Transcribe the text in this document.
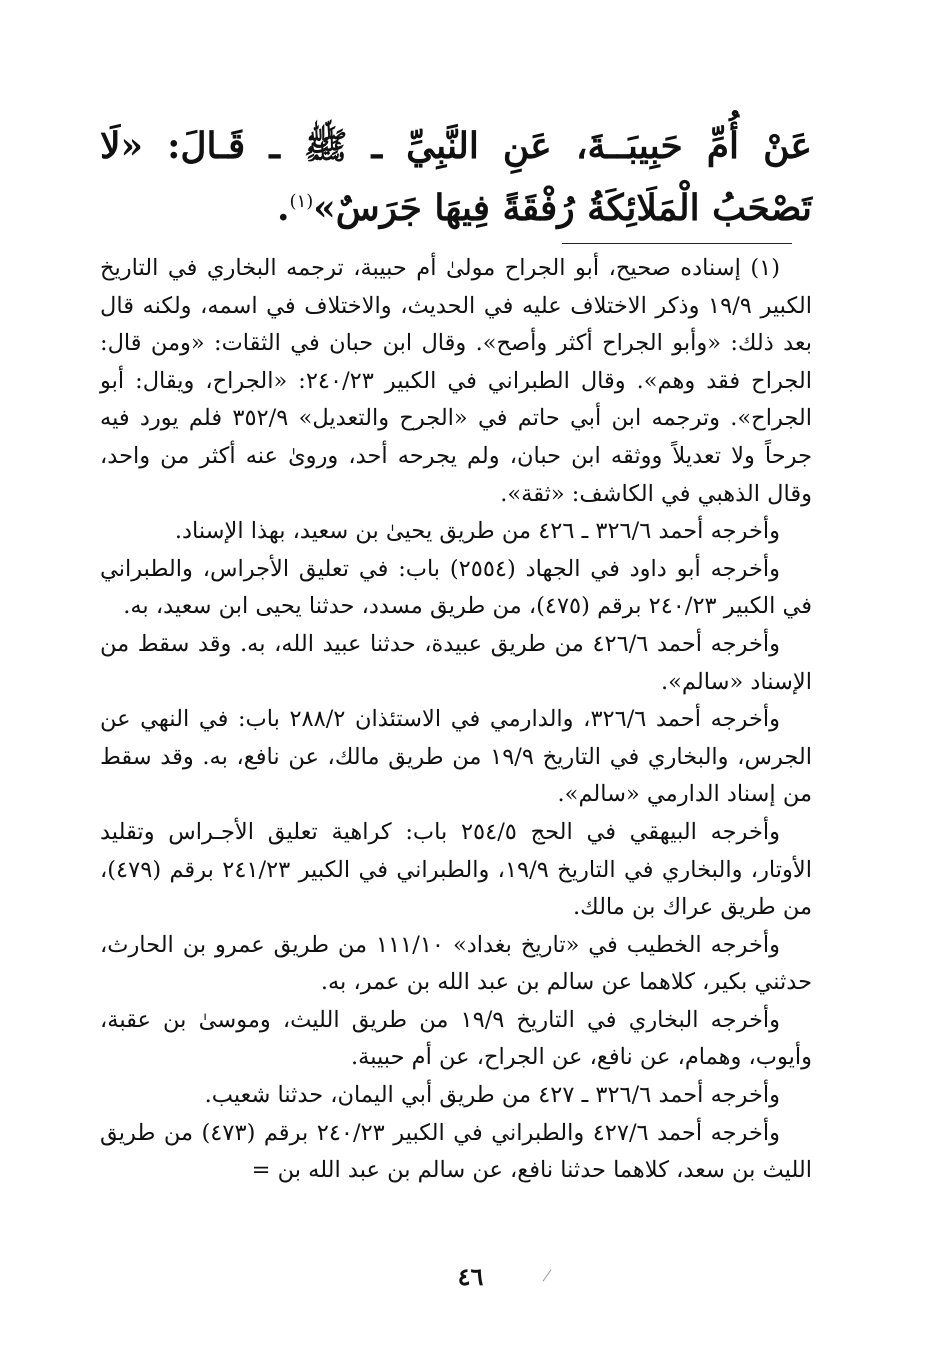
عَنْ أُمِّ حَبِيبَــةَ، عَنِ النَّبِيِّ ـ ﷺ ـ قَـالَ: «لَا تَصْحَبُ الْمَلَائِكَةُ رُفْقَةً فِيهَا جَرَسٌ»$^{(١)}$.

(١) إسناده صحيح، أبو الجراح مولىٰ أم حبيبة، ترجمه البخاري في التاريخ الكبير ١٩/٩ وذكر الاختلاف عليه في الحديث، والاختلاف في اسمه، ولكنه قال بعد ذلك: «وأبو الجراح أكثر وأصح». وقال ابن حبان في الثقات: «ومن قال: الجراح فقد وهم». وقال الطبراني في الكبير ٢٤٠/٢٣: «الجراح، ويقال: أبو الجراح». وترجمه ابن أبي حاتم في «الجرح والتعديل» ٣٥٢/٩ فلم يورد فيه جرحاً ولا تعديلاً ووثقه ابن حبان، ولم يجرحه أحد، وروىٰ عنه أكثر من واحد، وقال الذهبي في الكاشف: «ثقة».

وأخرجه أحمد ٣٢٦/٦ ـ ٤٢٦ من طريق يحيىٰ بن سعيد، بهذا الإسناد.

وأخرجه أبو داود في الجهاد (٢٥٥٤) باب: في تعليق الأجراس، والطبراني في الكبير ٢٤٠/٢٣ برقم (٤٧٥)، من طريق مسدد، حدثنا يحيى ابن سعيد، به.

وأخرجه أحمد ٤٢٦/٦ من طريق عبيدة، حدثنا عبيد الله، به. وقد سقط من الإسناد «سالم».

وأخرجه أحمد ٣٢٦/٦، والدارمي في الاستئذان ٢٨٨/٢ باب: في النهي عن الجرس، والبخاري في التاريخ ١٩/٩ من طريق مالك، عن نافع، به. وقد سقط من إسناد الدارمي «سالم».

وأخرجه البيهقي في الحج ٢٥٤/٥ باب: كراهية تعليق الأجـراس وتقليد الأوتار، والبخاري في التاريخ ١٩/٩، والطبراني في الكبير ٢٤١/٢٣ برقم (٤٧٩)، من طريق عراك بن مالك.

وأخرجه الخطيب في «تاريخ بغداد» ١١١/١٠ من طريق عمرو بن الحارث، حدثني بكير، كلاهما عن سالم بن عبد الله بن عمر، به.

وأخرجه البخاري في التاريخ ١٩/٩ من طريق الليث، وموسىٰ بن عقبة، وأيوب، وهمام، عن نافع، عن الجراح، عن أم حبيبة.

وأخرجه أحمد ٣٢٦/٦ ـ ٤٢٧ من طريق أبي اليمان، حدثنا شعيب.

وأخرجه أحمد ٤٢٧/٦ والطبراني في الكبير ٢٤٠/٢٣ برقم (٤٧٣) من طريق الليث بن سعد، كلاهما حدثنا نافع، عن سالم بن عبد الله بن =

٤٦
